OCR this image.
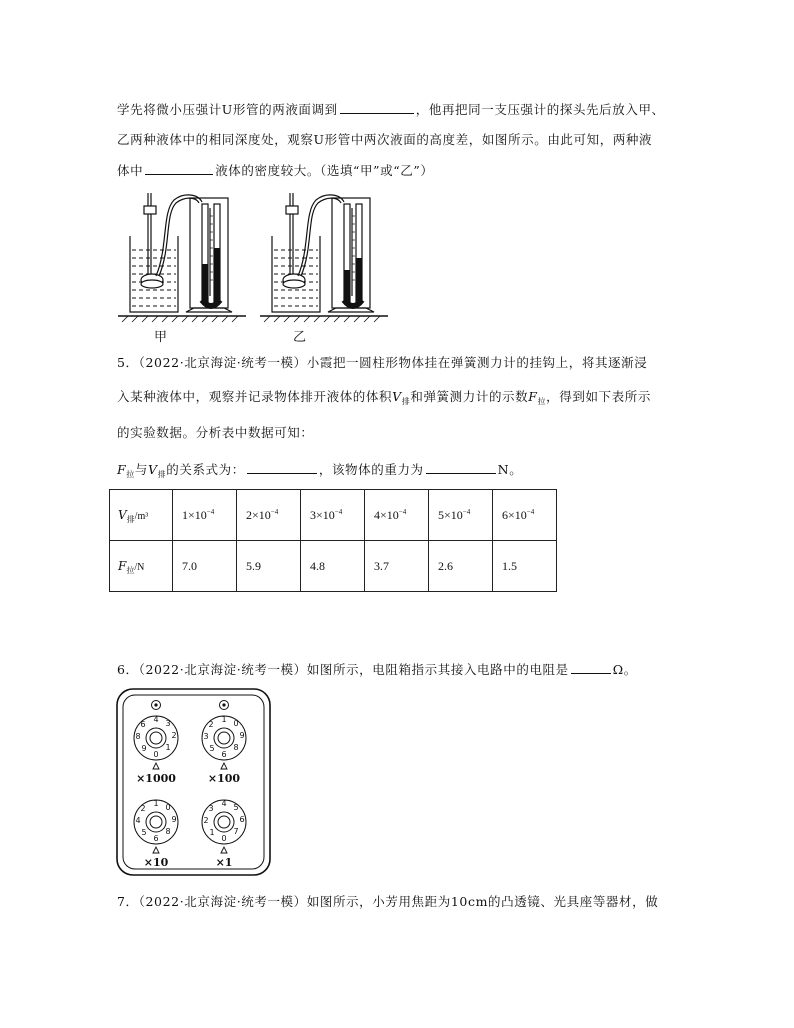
学先将微小压强计U形管的两液面调到	，他再把同一支压强计的探头先后放入甲、
乙两种液体中的相同深度处，观察U形管中两次液面的高度差，如图所示。由此可知，两种液
体中	液体的密度较大。（选填“甲”或“乙”）
甲	乙
5．（2022·北京海淀·统考一模）小霞把一圆柱形物体挂在弹簧测力计的挂钩上，将其逐渐浸
入某种液体中，观察并记录物体排开液体的体积$V_排$和弹簧测力计的示数$F_拉$，得到如下表所示
的实验数据。分析表中数据可知：
$F_拉$与$V_排$的关系式为：	，该物体的重力为	N。
$V_排/m^3$	$1\times 10^{-4}$	$2\times 10^{-4}$	$3\times 10^{-4}$	$4\times 10^{-4}$	$5\times 10^{-4}$	$6\times 10^{-4}$
$F_拉/N$	7.0	5.9	4.8	3.7	2.6	1.5
6．（2022·北京海淀·统考一模）如图所示，电阻箱指示其接入电路中的电阻是	Ω。
4 3
2
1
0
9
8
6
1 0
9
8
6
5
3
2
1 0
9
8
6
5
4
2
4 5
6
7
0
1
2
3
×1000	×100
×10	×1
7．（2022·北京海淀·统考一模）如图所示，小芳用焦距为10cm的凸透镜、光具座等器材，做
